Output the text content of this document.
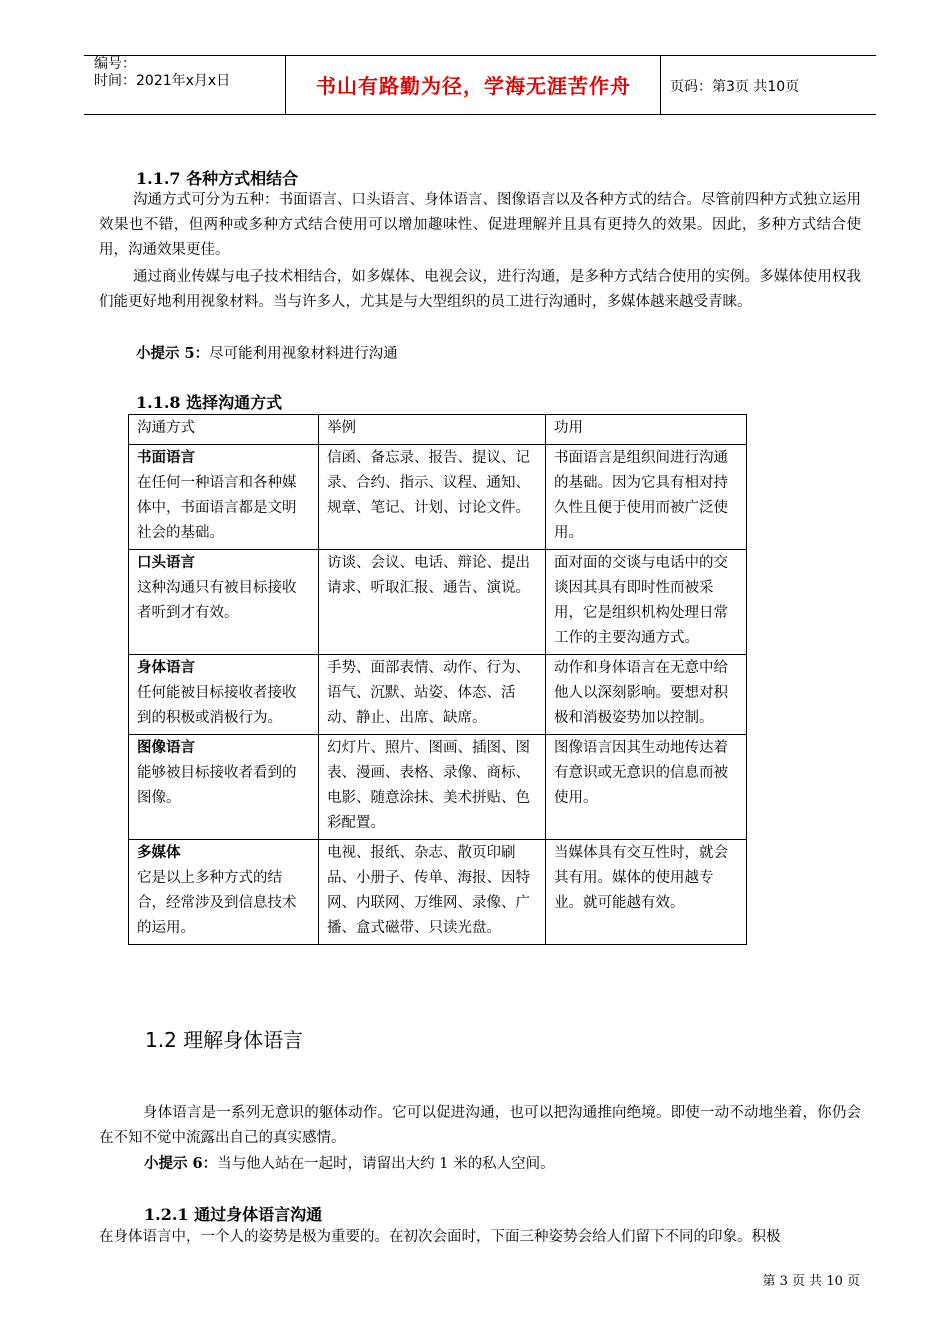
编号：
时间：2021年x月x日	书山有路勤为径，学海无涯苦作舟	页码：第3页 共10页
1.1.7 各种方式相结合
沟通方式可分为五种：书面语言、口头语言、身体语言、图像语言以及各种方式的结合。尽管前四种方式独立运用效果也不错，但两种或多种方式结合使用可以增加趣味性、促进理解并且具有更持久的效果。因此，多种方式结合使用，沟通效果更佳。
通过商业传媒与电子技术相结合，如多媒体、电视会议，进行沟通，是多种方式结合使用的实例。多媒体使用权我们能更好地利用视象材料。当与许多人，尤其是与大型组织的员工进行沟通时，多媒体越来越受青睐。
小提示 5：尽可能利用视象材料进行沟通
1.1.8 选择沟通方式
沟通方式	举例	功用

书面语言
在任何一种语言和各种媒体中，书面语言都是文明社会的基础。	信函、备忘录、报告、提议、记录、合约、指示、议程、通知、规章、笔记、计划、讨论文件。	书面语言是组织间进行沟通的基础。因为它具有相对持久性且便于使用而被广泛使用。

口头语言
这种沟通只有被目标接收者听到才有效。	访谈、会议、电话、辩论、提出请求、听取汇报、通告、演说。	面对面的交谈与电话中的交谈因其具有即时性而被采用，它是组织机构处理日常工作的主要沟通方式。

身体语言
任何能被目标接收者接收到的积极或消极行为。	手势、面部表情、动作、行为、语气、沉默、站姿、体态、活动、静止、出席、缺席。	动作和身体语言在无意中给他人以深刻影响。要想对积极和消极姿势加以控制。

图像语言
能够被目标接收者看到的图像。	幻灯片、照片、图画、插图、图表、漫画、表格、录像、商标、电影、随意涂抹、美术拼贴、色彩配置。	图像语言因其生动地传达着有意识或无意识的信息而被使用。

多媒体
它是以上多种方式的结合，经常涉及到信息技术的运用。	电视、报纸、杂志、散页印刷品、小册子、传单、海报、因特网、内联网、万维网、录像、广播、盒式磁带、只读光盘。	当媒体具有交互性时，就会 其有用。媒体的使用越专业。就可能越有效。
1.2 理解身体语言
身体语言是一系列无意识的躯体动作。它可以促进沟通，也可以把沟通推向绝境。即使一动不动地坐着，你仍会在不知不觉中流露出自己的真实感情。
小提示 6：当与他人站在一起时，请留出大约 1 米的私人空间。
1.2.1 通过身体语言沟通
在身体语言中，一个人的姿势是极为重要的。在初次会面时，下面三种姿势会给人们留下不同的印象。积极
第 3 页 共 10 页
